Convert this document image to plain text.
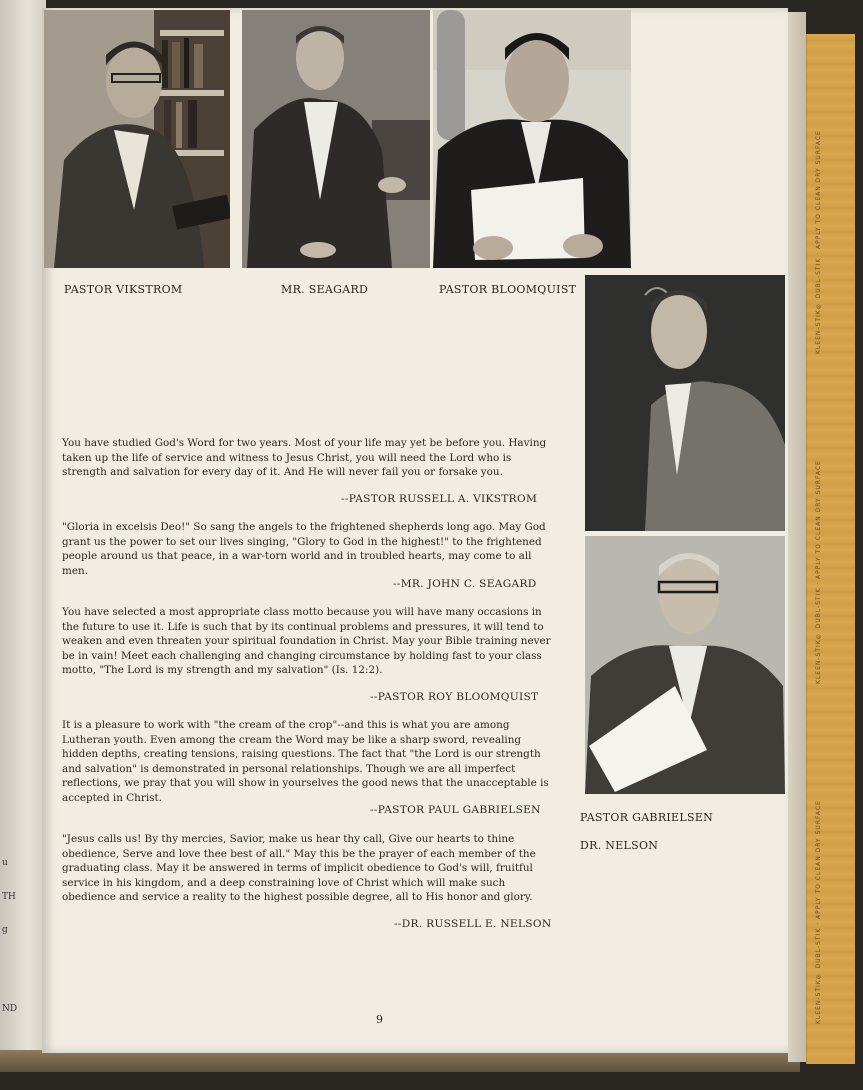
u
TH
g
ND
KLEEN-STIK® DUBL-STIK · APPLY TO CLEAN DRY SURFACE
KLEEN-STIK® DUBL-STIK · APPLY TO CLEAN DRY SURFACE
KLEEN-STIK® DUBL-STIK · APPLY TO CLEAN DRY SURFACE
PASTOR VIKSTROM	MR. SEAGARD	PASTOR BLOOMQUIST
PASTOR GABRIELSEN
DR. NELSON

You have studied God's Word for two years. Most of your life may yet be before you. Having taken up the life of service and witness to Jesus Christ, you will need the Lord who is strength and salvation for every day of it. And He will never fail you or forsake you.

--PASTOR RUSSELL A. VIKSTROM

"Gloria in excelsis Deo!" So sang the angels to the frightened shepherds long ago. May God grant us the power to set our lives singing, "Glory to God in the highest!" to the frightened people around us that peace, in a war-torn world and in troubled hearts, may come to all men.

--MR. JOHN C. SEAGARD

You have selected a most appropriate class motto because you will have many occasions in the future to use it. Life is such that by its continual problems and pressures, it will tend to weaken and even threaten your spiritual foundation in Christ. May your Bible training never be in vain! Meet each challenging and changing circumstance by holding fast to your class motto, "The Lord is my strength and my salvation" (Is. 12:2).

--PASTOR ROY BLOOMQUIST

It is a pleasure to work with "the cream of the crop"--and this is what you are among Lutheran youth. Even among the cream the Word may be like a sharp sword, revealing hidden depths, creating tensions, raising questions. The fact that "the Lord is our strength and salvation" is demonstrated in personal relationships. Though we are all imperfect reflections, we pray that you will show in yourselves the good news that the unacceptable is accepted in Christ.

--PASTOR PAUL GABRIELSEN

"Jesus calls us! By thy mercies, Savior, make us hear thy call, Give our hearts to thine obedience, Serve and love thee best of all." May this be the prayer of each member of the graduating class. May it be answered in terms of implicit obedience to God's will, fruitful service in his kingdom, and a deep constraining love of Christ which will make such obedience and service a reality to the highest possible degree, all to His honor and glory.

--DR. RUSSELL E. NELSON
9
